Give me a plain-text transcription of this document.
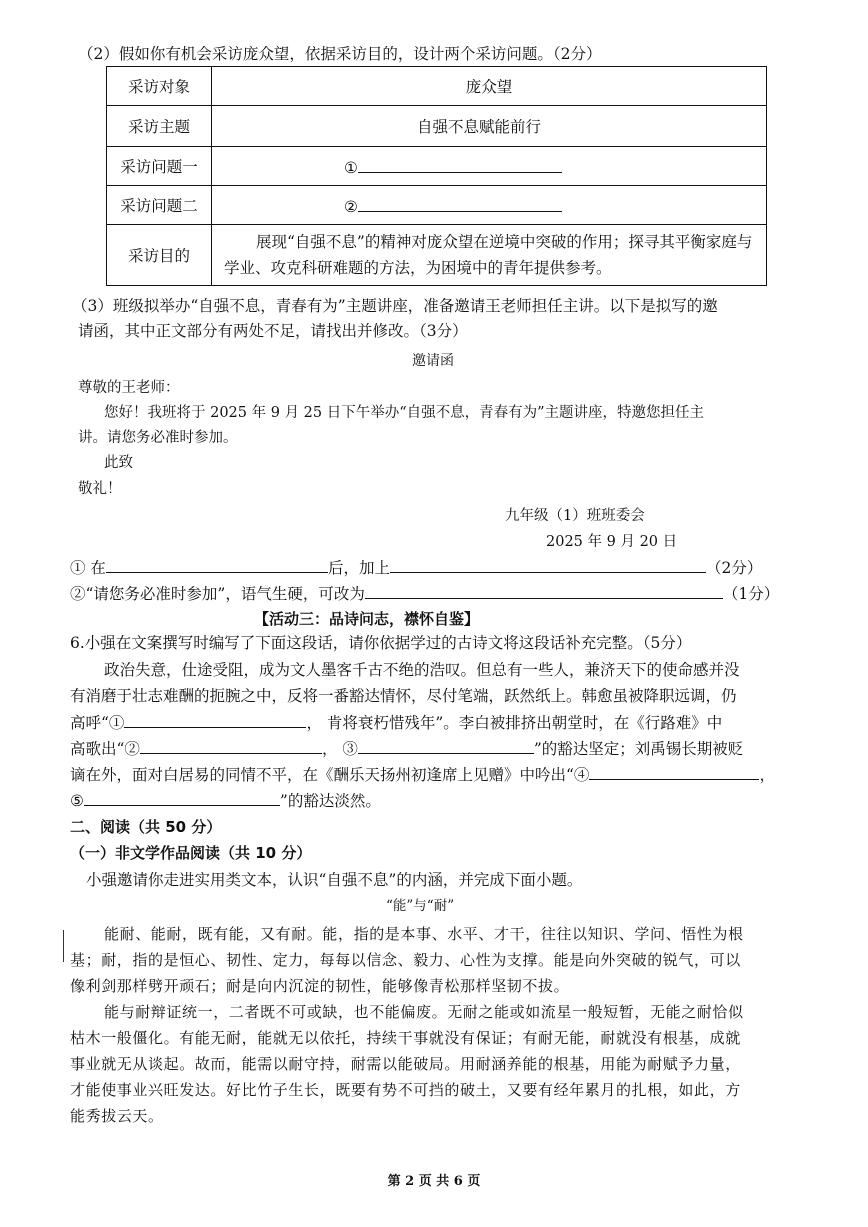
（2）假如你有机会采访庞众望，依据采访目的，设计两个采访问题。（2分）
采访对象	庞众望
采访主题	自强不息赋能前行
采访问题一	①
采访问题二	②
采访目的	展现“自强不息”的精神对庞众望在逆境中突破的作用；探寻其平衡家庭与学业、攻克科研难题的方法，为困境中的青年提供参考。
（3）班级拟举办“自强不息，青春有为”主题讲座，准备邀请王老师担任主讲。以下是拟写的邀
请函，其中正文部分有两处不足，请找出并修改。（3分）
邀请函
尊敬的王老师：
您好！我班将于 2025 年 9 月 25 日下午举办“自强不息，青春有为”主题讲座，特邀您担任主
讲。请您务必准时参加。
此致
敬礼！
九年级（1）班班委会
2025 年 9 月 20 日
① 在	后，加上	（2分）
②“请您务必准时参加”，语气生硬，可改为	（1分）
【活动三：品诗问志，襟怀自鉴】
6.小强在文案撰写时编写了下面这段话，请你依据学过的古诗文将这段话补充完整。（5分）
政治失意，仕途受阻，成为文人墨客千古不绝的浩叹。但总有一些人，兼济天下的使命感并没
有消磨于壮志难酬的扼腕之中，反将一番豁达情怀，尽付笔端，跃然纸上。韩愈虽被降职远调，仍
高呼“①	， 肯将衰朽惜残年”。李白被排挤出朝堂时，在《行路难》中
高歌出“②	， ③	”的豁达坚定；刘禹锡长期被贬
谪在外，面对白居易的同情不平，在《酬乐天扬州初逢席上见赠》中吟出“④	，
⑤	”的豁达淡然。
二、阅读（共 50 分）
（一）非文学作品阅读（共 10 分）
小强邀请你走进实用类文本，认识“自强不息”的内涵，并完成下面小题。
“能”与“耐”
能耐、能耐，既有能，又有耐。能，指的是本事、水平、才干，往往以知识、学问、悟性为根
基；耐，指的是恒心、韧性、定力，每每以信念、毅力、心性为支撑。能是向外突破的锐气，可以
像利剑那样劈开顽石；耐是向内沉淀的韧性，能够像青松那样坚韧不拔。
能与耐辩证统一，二者既不可或缺，也不能偏废。无耐之能或如流星一般短暂，无能之耐恰似
枯木一般僵化。有能无耐，能就无以依托，持续干事就没有保证；有耐无能，耐就没有根基，成就
事业就无从谈起。故而，能需以耐守持，耐需以能破局。用耐涵养能的根基，用能为耐赋予力量，
才能使事业兴旺发达。好比竹子生长，既要有势不可挡的破土，又要有经年累月的扎根，如此，方
能秀拔云天。
第 2 页 共 6 页
